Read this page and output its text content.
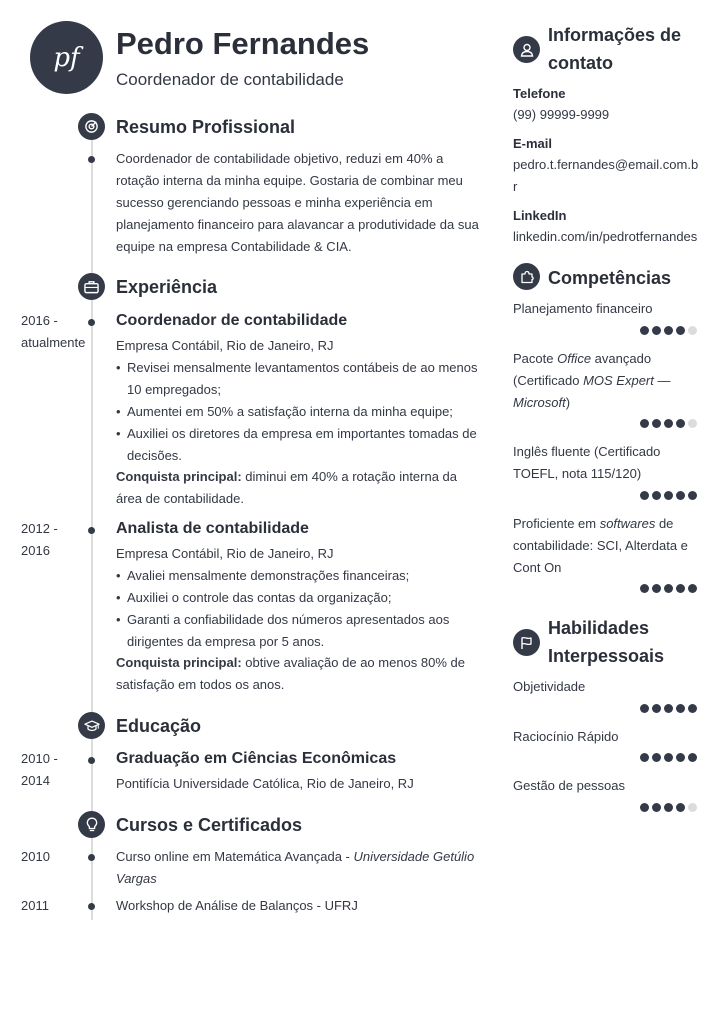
pf Pedro Fernandes
Coordenador de contabilidade
Resumo Profissional
Coordenador de contabilidade objetivo, reduzi em 40% a rotação interna da minha equipe. Gostaria de combinar meu sucesso gerenciando pessoas e minha experiência em planejamento financeiro para alavancar a produtividade da sua equipe na empresa Contabilidade & CIA.
Experiência
2016 -
atualmente
Coordenador de contabilidade
Empresa Contábil, Rio de Janeiro, RJ
• Revisei mensalmente levantamentos contábeis de ao menos 10 empregados;
• Aumentei em 50% a satisfação interna da minha equipe;
• Auxiliei os diretores da empresa em importantes tomadas de decisões.
Conquista principal: diminui em 40% a rotação interna da área de contabilidade.
2012 -
2016
Analista de contabilidade
Empresa Contábil, Rio de Janeiro, RJ
• Avaliei mensalmente demonstrações financeiras;
• Auxiliei o controle das contas da organização;
• Garanti a confiabilidade dos números apresentados aos dirigentes da empresa por 5 anos.
Conquista principal: obtive avaliação de ao menos 80% de satisfação em todos os anos.
Educação
2010 -
2014
Graduação em Ciências Econômicas
Pontifícia Universidade Católica, Rio de Janeiro, RJ
Cursos e Certificados
2010	Curso online em Matemática Avançada - Universidade Getúlio Vargas
2011	Workshop de Análise de Balanços - UFRJ
Informações de
contato
Telefone
(99) 99999-9999
E-mail
pedro.t.fernandes@email.com.b
r
LinkedIn
linkedin.com/in/pedrotfernandes
Competências
Planejamento financeiro
Pacote Office avançado (Certificado MOS Expert — Microsoft)
Inglês fluente (Certificado TOEFL, nota 115/120)
Proficiente em softwares de contabilidade: SCI, Alterdata e Cont On
Habilidades
Interpessoais
Objetividade
Raciocínio Rápido
Gestão de pessoas
